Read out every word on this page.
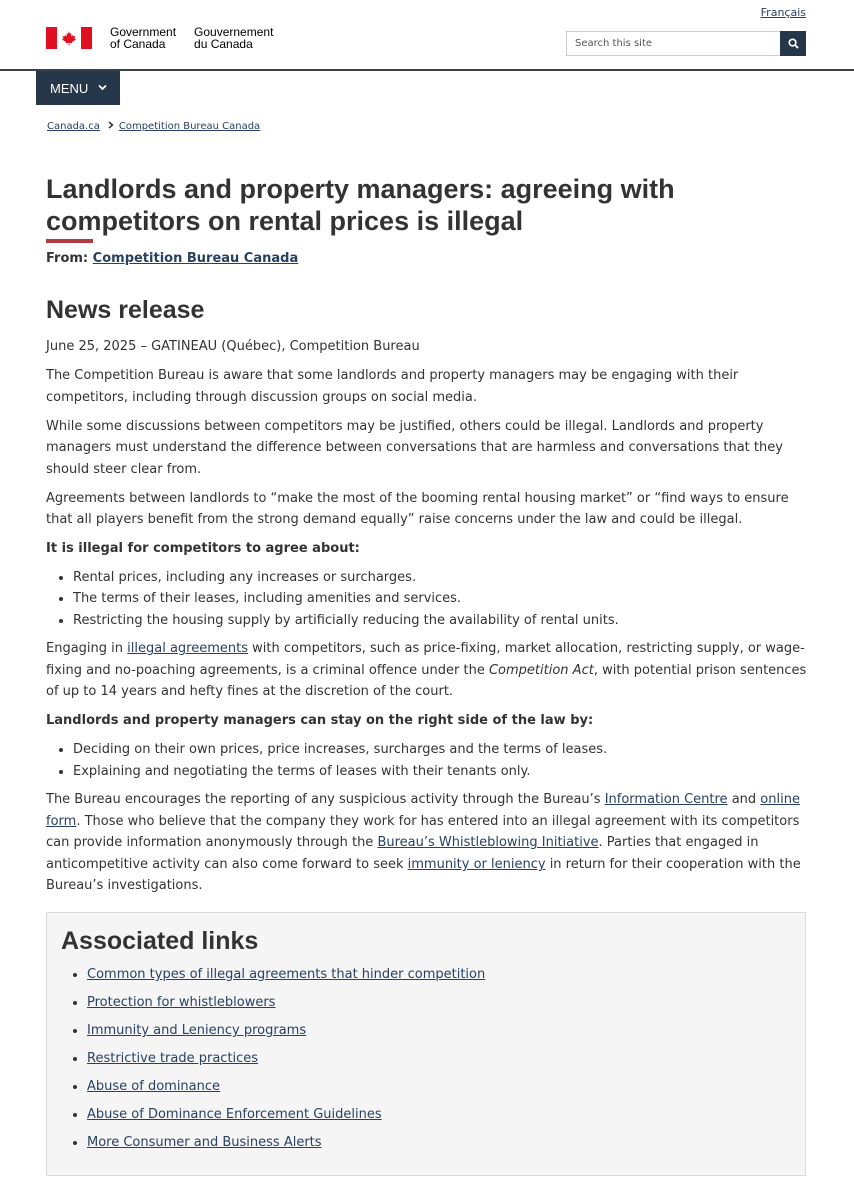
Français
Government
of Canada
Gouvernement
du Canada
Search this site
MENU
Canada.ca Competition Bureau Canada
Landlords and property managers: agreeing with competitors on rental prices is illegal
From: Competition Bureau Canada
News release

June 25, 2025 – GATINEAU (Québec), Competition Bureau

The Competition Bureau is aware that some landlords and property managers may be engaging with their competitors, including through discussion groups on social media.

While some discussions between competitors may be justified, others could be illegal. Landlords and property managers must understand the difference between conversations that are harmless and conversations that they should steer clear from.

Agreements between landlords to “make the most of the booming rental housing market” or “find ways to ensure that all players benefit from the strong demand equally” raise concerns under the law and could be illegal.

It is illegal for competitors to agree about:

• Rental prices, including any increases or surcharges.
• The terms of their leases, including amenities and services.
• Restricting the housing supply by artificially reducing the availability of rental units.

Engaging in illegal agreements with competitors, such as price-fixing, market allocation, restricting supply, or wage-fixing and no-poaching agreements, is a criminal offence under the Competition Act, with potential prison sentences of up to 14 years and hefty fines at the discretion of the court.

Landlords and property managers can stay on the right side of the law by:

• Deciding on their own prices, price increases, surcharges and the terms of leases.
• Explaining and negotiating the terms of leases with their tenants only.

The Bureau encourages the reporting of any suspicious activity through the Bureau’s Information Centre and online form. Those who believe that the company they work for has entered into an illegal agreement with its competitors can provide information anonymously through the Bureau’s Whistleblowing Initiative. Parties that engaged in anticompetitive activity can also come forward to seek immunity or leniency in return for their cooperation with the Bureau’s investigations.

Associated links
• Common types of illegal agreements that hinder competition
• Protection for whistleblowers
• Immunity and Leniency programs
• Restrictive trade practices
• Abuse of dominance
• Abuse of Dominance Enforcement Guidelines
• More Consumer and Business Alerts
